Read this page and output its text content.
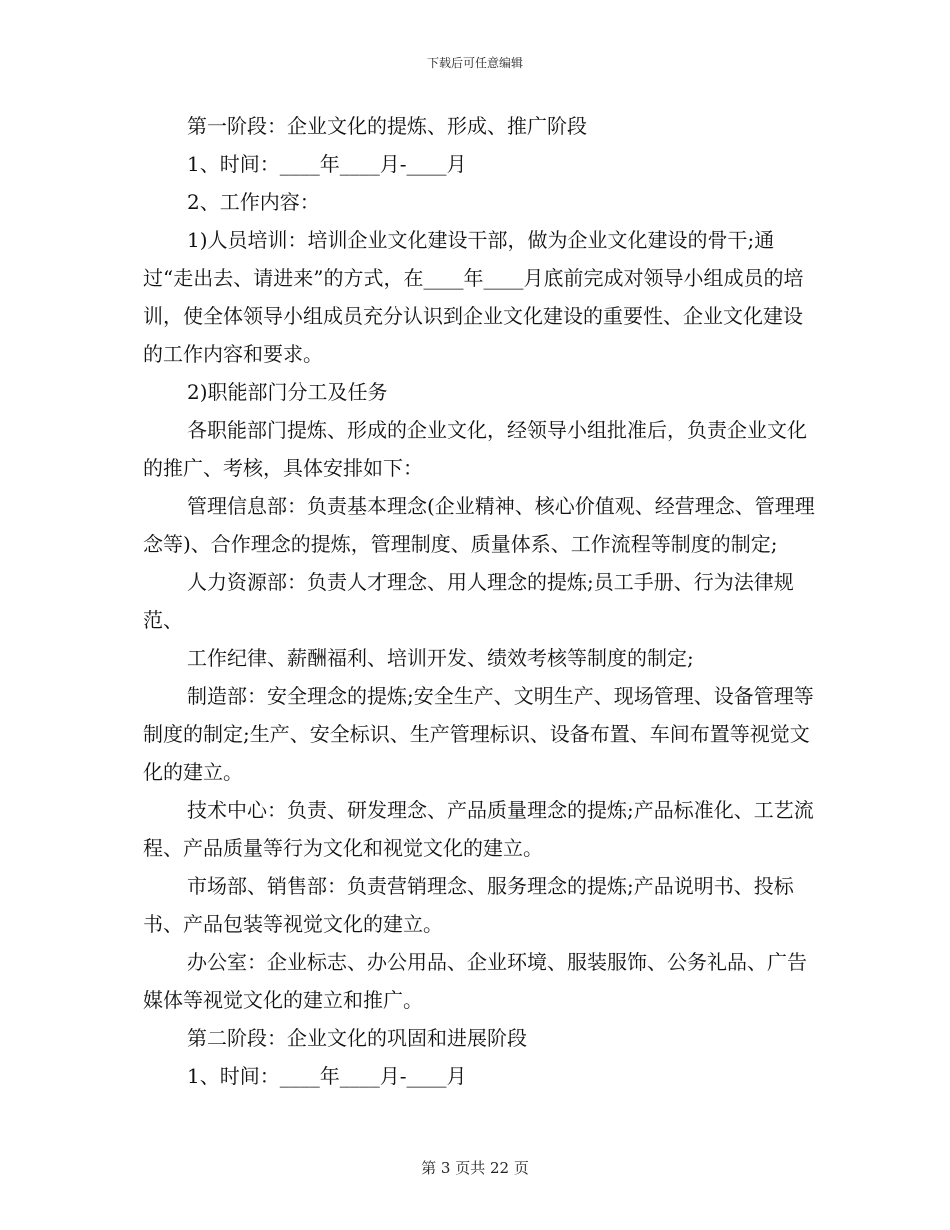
下载后可任意编辑

第一阶段：企业文化的提炼、形成、推广阶段

1、时间：____年____月-____月

2、工作内容：

1)人员培训：培训企业文化建设干部，做为企业文化建设的骨干;通过“走出去、请进来”的方式，在____年____月底前完成对领导小组成员的培训，使全体领导小组成员充分认识到企业文化建设的重要性、企业文化建设的工作内容和要求。

2)职能部门分工及任务

各职能部门提炼、形成的企业文化，经领导小组批准后，负责企业文化的推广、考核，具体安排如下：

管理信息部：负责基本理念(企业精神、核心价值观、经营理念、管理理念等)、合作理念的提炼，管理制度、质量体系、工作流程等制度的制定;

人力资源部：负责人才理念、用人理念的提炼;员工手册、行为法律规范、

工作纪律、薪酬福利、培训开发、绩效考核等制度的制定;

制造部：安全理念的提炼;安全生产、文明生产、现场管理、设备管理等制度的制定;生产、安全标识、生产管理标识、设备布置、车间布置等视觉文化的建立。

技术中心：负责、研发理念、产品质量理念的提炼;产品标准化、工艺流程、产品质量等行为文化和视觉文化的建立。

市场部、销售部：负责营销理念、服务理念的提炼;产品说明书、投标书、产品包装等视觉文化的建立。

办公室：企业标志、办公用品、企业环境、服装服饰、公务礼品、广告媒体等视觉文化的建立和推广。

第二阶段：企业文化的巩固和进展阶段

1、时间：____年____月-____月

第 3 页共 22 页
